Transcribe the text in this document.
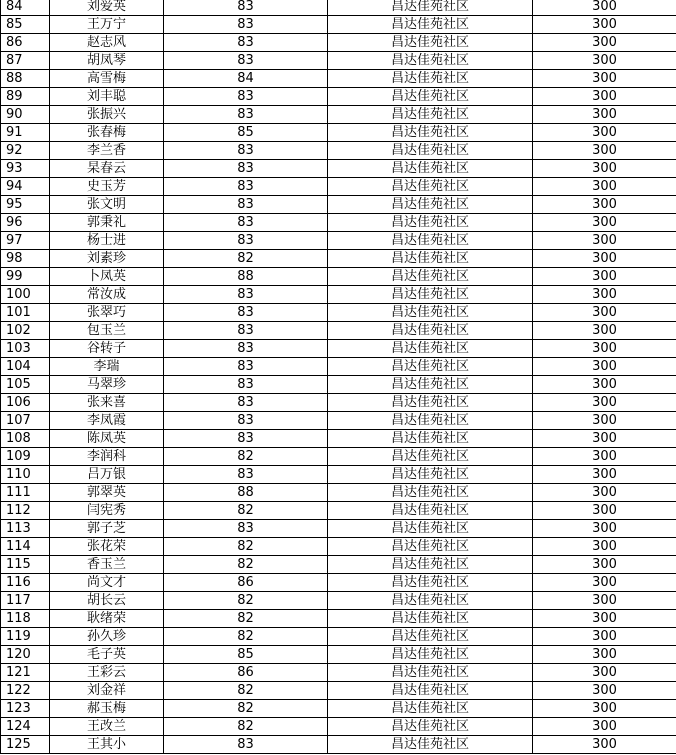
84	刘爱英	83	昌达佳苑社区	300
85	王万宁	83	昌达佳苑社区	300
86	赵志风	83	昌达佳苑社区	300
87	胡凤琴	83	昌达佳苑社区	300
88	高雪梅	84	昌达佳苑社区	300
89	刘丰聪	83	昌达佳苑社区	300
90	张振兴	83	昌达佳苑社区	300
91	张春梅	85	昌达佳苑社区	300
92	李兰香	83	昌达佳苑社区	300
93	杲春云	83	昌达佳苑社区	300
94	史玉芳	83	昌达佳苑社区	300
95	张文明	83	昌达佳苑社区	300
96	郭秉礼	83	昌达佳苑社区	300
97	杨士进	83	昌达佳苑社区	300
98	刘素珍	82	昌达佳苑社区	300
99	卜凤英	88	昌达佳苑社区	300
100	常汝成	83	昌达佳苑社区	300
101	张翠巧	83	昌达佳苑社区	300
102	包玉兰	83	昌达佳苑社区	300
103	谷转子	83	昌达佳苑社区	300
104	李瑞	83	昌达佳苑社区	300
105	马翠珍	83	昌达佳苑社区	300
106	张来喜	83	昌达佳苑社区	300
107	李凤霞	83	昌达佳苑社区	300
108	陈凤英	83	昌达佳苑社区	300
109	李润科	82	昌达佳苑社区	300
110	吕万银	83	昌达佳苑社区	300
111	郭翠英	88	昌达佳苑社区	300
112	闫宪秀	82	昌达佳苑社区	300
113	郭子芝	83	昌达佳苑社区	300
114	张花荣	82	昌达佳苑社区	300
115	香玉兰	82	昌达佳苑社区	300
116	尚文才	86	昌达佳苑社区	300
117	胡长云	82	昌达佳苑社区	300
118	耿绪荣	82	昌达佳苑社区	300
119	孙久珍	82	昌达佳苑社区	300
120	毛子英	85	昌达佳苑社区	300
121	王彩云	86	昌达佳苑社区	300
122	刘金祥	82	昌达佳苑社区	300
123	郝玉梅	82	昌达佳苑社区	300
124	王改兰	82	昌达佳苑社区	300
125	王其小	83	昌达佳苑社区	300
